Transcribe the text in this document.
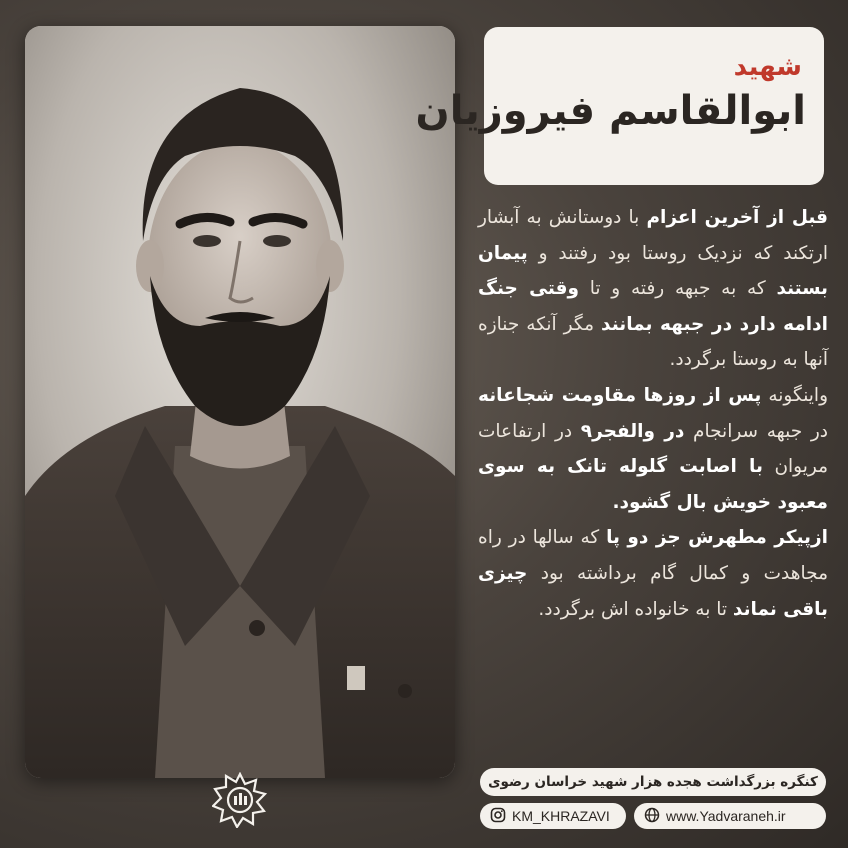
شهید
ابوالقاسم فیروزیان

قبل از آخرین اعزام با دوستانش به آبشار ارتکند که نزدیک روستا بود رفتند و پیمان بستند که به جبهه رفته و تا وقتی جنگ ادامه دارد در جبهه بمانند مگر آنکه جنازه آنها به روستا برگردد.

واینگونه پس از روزها مقاومت شجاعانه در جبهه سرانجام در والفجر۹ در ارتفاعات مریوان با اصابت گلوله تانک به سوی معبود خویش بال گشود.

ازپیکر مطهرش جز دو پا که سالها در راه مجاهدت و کمال گام برداشته بود چیزی باقی نماند تا به خانواده اش برگردد.

کنگره بزرگداشت هجده هزار شهید خراسان رضوی
KM_KHRAZAVI	www.Yadvaraneh.ir
